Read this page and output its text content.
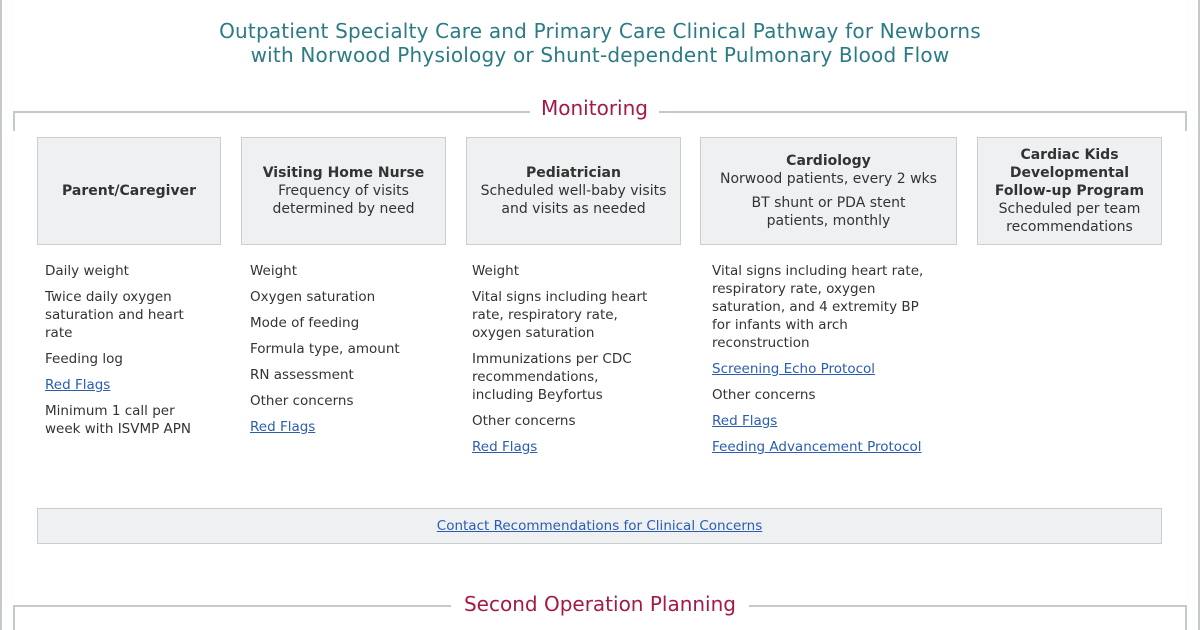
Outpatient Specialty Care and Primary Care Clinical Pathway for Newborns
with Norwood Physiology or Shunt-dependent Pulmonary Blood Flow
Monitoring
Parent/Caregiver
Visiting Home Nurse
Frequency of visits
determined by need
Pediatrician
Scheduled well-baby visits
and visits as needed
Cardiology
Norwood patients, every 2 wks
BT shunt or PDA stent
patients, monthly
Cardiac Kids
Developmental
Follow-up Program
Scheduled per team
recommendations
Daily weight
Twice daily oxygen
saturation and heart
rate
Feeding log
Red Flags
Minimum 1 call per
week with ISVMP APN
Weight
Oxygen saturation
Mode of feeding
Formula type, amount
RN assessment
Other concerns
Red Flags
Weight
Vital signs including heart
rate, respiratory rate,
oxygen saturation
Immunizations per CDC
recommendations,
including Beyfortus
Other concerns
Red Flags
Vital signs including heart rate,
respiratory rate, oxygen
saturation, and 4 extremity BP
for infants with arch
reconstruction
Screening Echo Protocol
Other concerns
Red Flags
Feeding Advancement Protocol
Contact Recommendations for Clinical Concerns
Second Operation Planning
